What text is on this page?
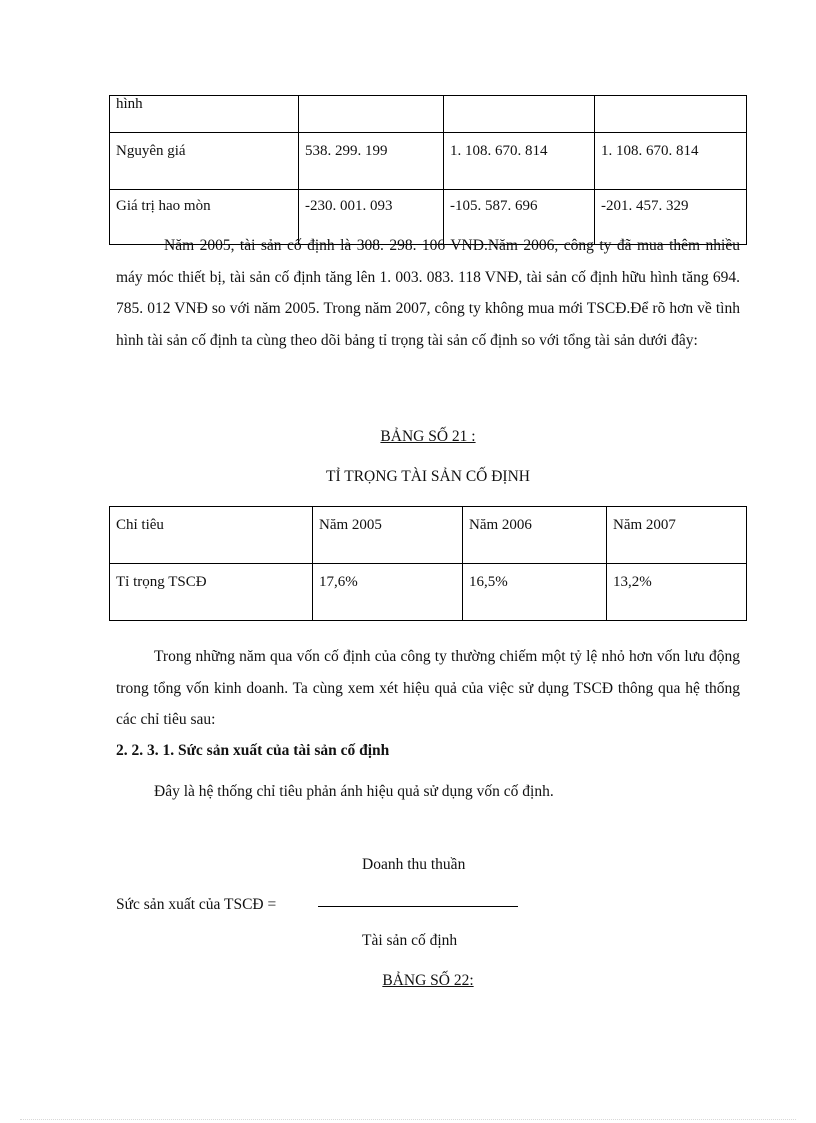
hình			
Nguyên giá	538. 299. 199	1. 108. 670. 814	1. 108. 670. 814
Giá trị hao mòn	-230. 001. 093	-105. 587. 696	-201. 457. 329

Năm 2005, tài sản cố định là 308. 298. 106 VNĐ.Năm 2006, công ty đã mua thêm nhiều máy móc thiết bị, tài sản cố định tăng lên 1. 003. 083. 118 VNĐ, tài sản cố định hữu hình tăng 694. 785. 012 VNĐ so với năm 2005. Trong năm 2007, công ty không mua mới TSCĐ.Để rõ hơn về tình hình tài sản cố định ta cùng theo dõi bảng tỉ trọng tài sản cố định so với tổng tài sản dưới đây:

BẢNG SỐ 21 :

TỈ TRỌNG TÀI SẢN CỐ ĐỊNH

Chỉ tiêu	Năm 2005	Năm 2006	Năm 2007
Tỉ trọng TSCĐ	17,6%	16,5%	13,2%

Trong những năm qua vốn cố định của công ty thường chiếm một tỷ lệ nhỏ hơn vốn lưu động trong tổng vốn kinh doanh. Ta cùng xem xét hiệu quả của việc sử dụng TSCĐ thông qua hệ thống các chỉ tiêu sau:

2. 2. 3. 1. Sức sản xuất của tài sản cố định

Đây là hệ thống chỉ tiêu phản ánh hiệu quả sử dụng vốn cố định.

Doanh thu thuần

Sức sản xuất của TSCĐ =

Tài sản cố định

BẢNG SỐ 22:
